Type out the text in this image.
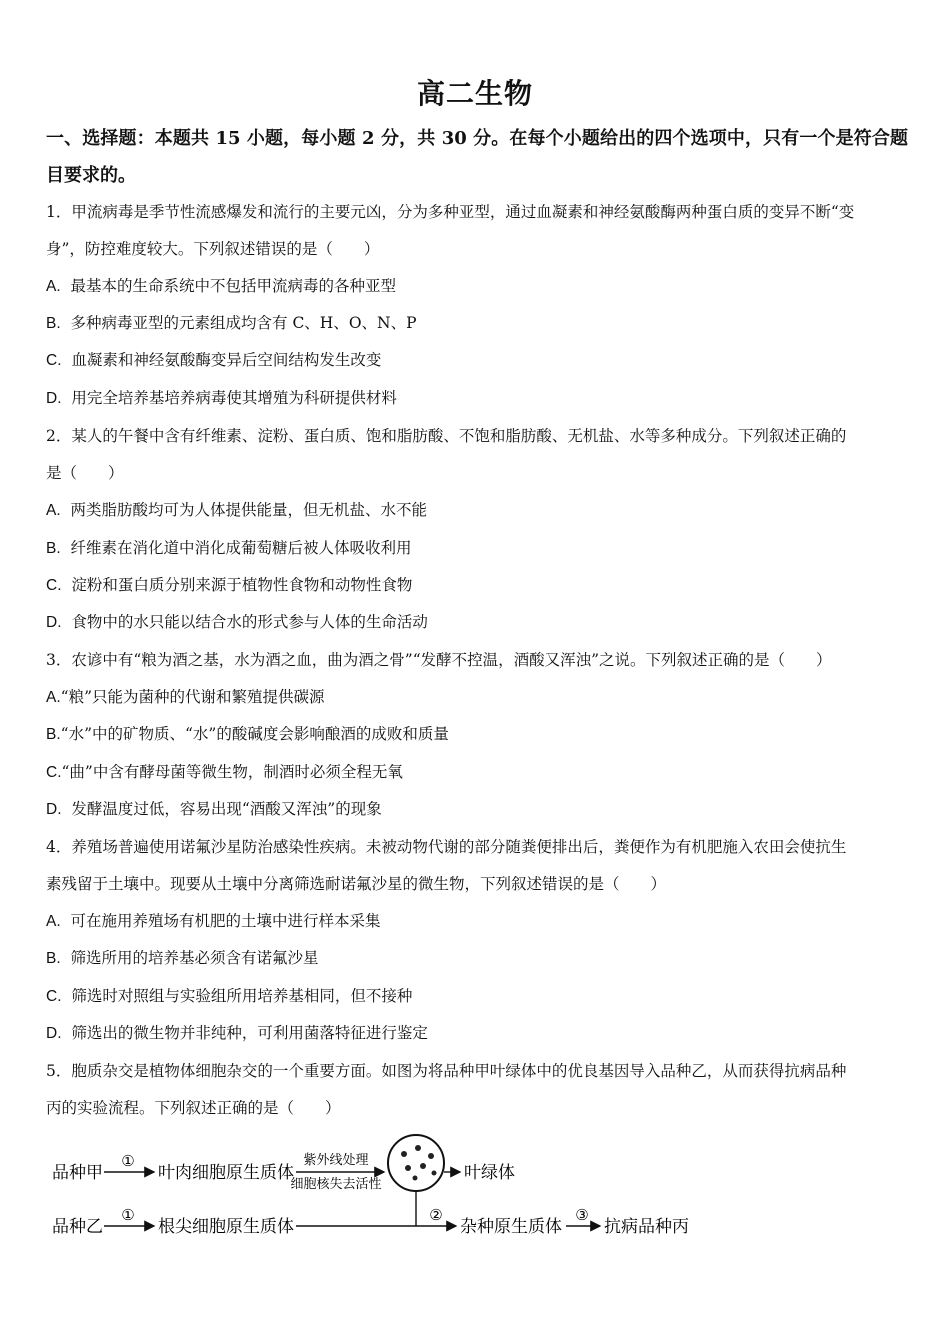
高二生物
一、选择题：本题共 15 小题，每小题 2 分，共 30 分。在每个小题给出的四个选项中，只有一个是符合题目要求的。
1．甲流病毒是季节性流感爆发和流行的主要元凶，分为多种亚型，通过血凝素和神经氨酸酶两种蛋白质的变异不断“变
身”，防控难度较大。下列叙述错误的是（　　）
A. 最基本的生命系统中不包括甲流病毒的各种亚型
B. 多种病毒亚型的元素组成均含有 C、H、O、N、P
C. 血凝素和神经氨酸酶变异后空间结构发生改变
D. 用完全培养基培养病毒使其增殖为科研提供材料
2．某人的午餐中含有纤维素、淀粉、蛋白质、饱和脂肪酸、不饱和脂肪酸、无机盐、水等多种成分。下列叙述正确的
是（　　）
A. 两类脂肪酸均可为人体提供能量，但无机盐、水不能
B. 纤维素在消化道中消化成葡萄糖后被人体吸收利用
C. 淀粉和蛋白质分别来源于植物性食物和动物性食物
D. 食物中的水只能以结合水的形式参与人体的生命活动
3．农谚中有“粮为酒之基，水为酒之血，曲为酒之骨”“发酵不控温，酒酸又浑浊”之说。下列叙述正确的是（　　）
A.“粮”只能为菌种的代谢和繁殖提供碳源
B.“水”中的矿物质、“水”的酸碱度会影响酿酒的成败和质量
C.“曲”中含有酵母菌等微生物，制酒时必须全程无氧
D. 发酵温度过低，容易出现“酒酸又浑浊”的现象
4．养殖场普遍使用诺氟沙星防治感染性疾病。未被动物代谢的部分随粪便排出后，粪便作为有机肥施入农田会使抗生
素残留于土壤中。现要从土壤中分离筛选耐诺氟沙星的微生物，下列叙述错误的是（　　）
A. 可在施用养殖场有机肥的土壤中进行样本采集
B. 筛选所用的培养基必须含有诺氟沙星
C. 筛选时对照组与实验组所用培养基相同，但不接种
D. 筛选出的微生物并非纯种，可利用菌落特征进行鉴定
5．胞质杂交是植物体细胞杂交的一个重要方面。如图为将品种甲叶绿体中的优良基因导入品种乙，从而获得抗病品种
丙的实验流程。下列叙述正确的是（　　）
品种甲
①
叶肉细胞原生质体
紫外线处理
细胞核失去活性
叶绿体
品种乙
①
根尖细胞原生质体
②
杂种原生质体
③
抗病品种丙
